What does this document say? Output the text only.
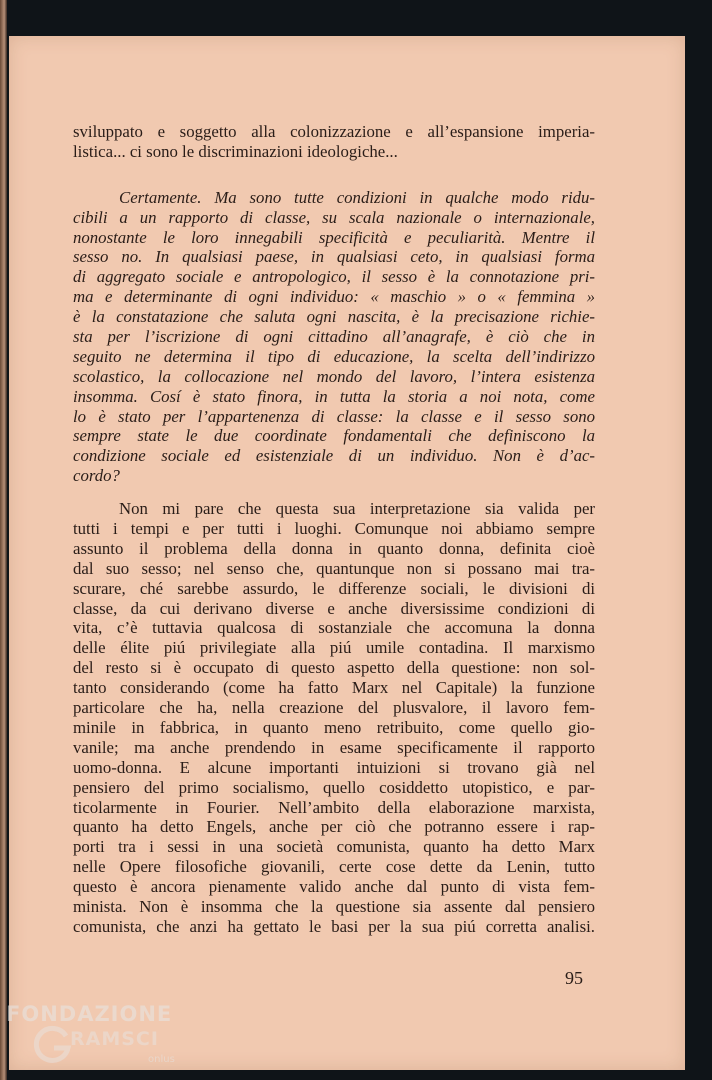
sviluppato e soggetto alla colonizzazione e all’espansione imperia-
listica... ci sono le discriminazioni ideologiche...
Certamente. Ma sono tutte condizioni in qualche modo ridu-
cibili a un rapporto di classe, su scala nazionale o internazionale,
nonostante le loro innegabili specificità e peculiarità. Mentre il
sesso no. In qualsiasi paese, in qualsiasi ceto, in qualsiasi forma
di aggregato sociale e antropologico, il sesso è la connotazione pri-
ma e determinante di ogni individuo: « maschio » o « femmina »
è la constatazione che saluta ogni nascita, è la precisazione richie-
sta per l’iscrizione di ogni cittadino all’anagrafe, è ciò che in
seguito ne determina il tipo di educazione, la scelta dell’indirizzo
scolastico, la collocazione nel mondo del lavoro, l’intera esistenza
insomma. Cosí è stato finora, in tutta la storia a noi nota, come
lo è stato per l’appartenenza di classe: la classe e il sesso sono
sempre state le due coordinate fondamentali che definiscono la
condizione sociale ed esistenziale di un individuo. Non è d’ac-
cordo?
Non mi pare che questa sua interpretazione sia valida per
tutti i tempi e per tutti i luoghi. Comunque noi abbiamo sempre
assunto il problema della donna in quanto donna, definita cioè
dal suo sesso; nel senso che, quantunque non si possano mai tra-
scurare, ché sarebbe assurdo, le differenze sociali, le divisioni di
classe, da cui derivano diverse e anche diversissime condizioni di
vita, c’è tuttavia qualcosa di sostanziale che accomuna la donna
delle élite piú privilegiate alla piú umile contadina. Il marxismo
del resto si è occupato di questo aspetto della questione: non sol-
tanto considerando (come ha fatto Marx nel Capitale) la funzione
particolare che ha, nella creazione del plusvalore, il lavoro fem-
minile in fabbrica, in quanto meno retribuito, come quello gio-
vanile; ma anche prendendo in esame specificamente il rapporto
uomo-donna. E alcune importanti intuizioni si trovano già nel
pensiero del primo socialismo, quello cosiddetto utopistico, e par-
ticolarmente in Fourier. Nell’ambito della elaborazione marxista,
quanto ha detto Engels, anche per ciò che potranno essere i rap-
porti tra i sessi in una società comunista, quanto ha detto Marx
nelle Opere filosofiche giovanili, certe cose dette da Lenin, tutto
questo è ancora pienamente valido anche dal punto di vista fem-
minista. Non è insomma che la questione sia assente dal pensiero
comunista, che anzi ha gettato le basi per la sua piú corretta analisi.
95
FONDAZIONE
RAMSCI
onlus
